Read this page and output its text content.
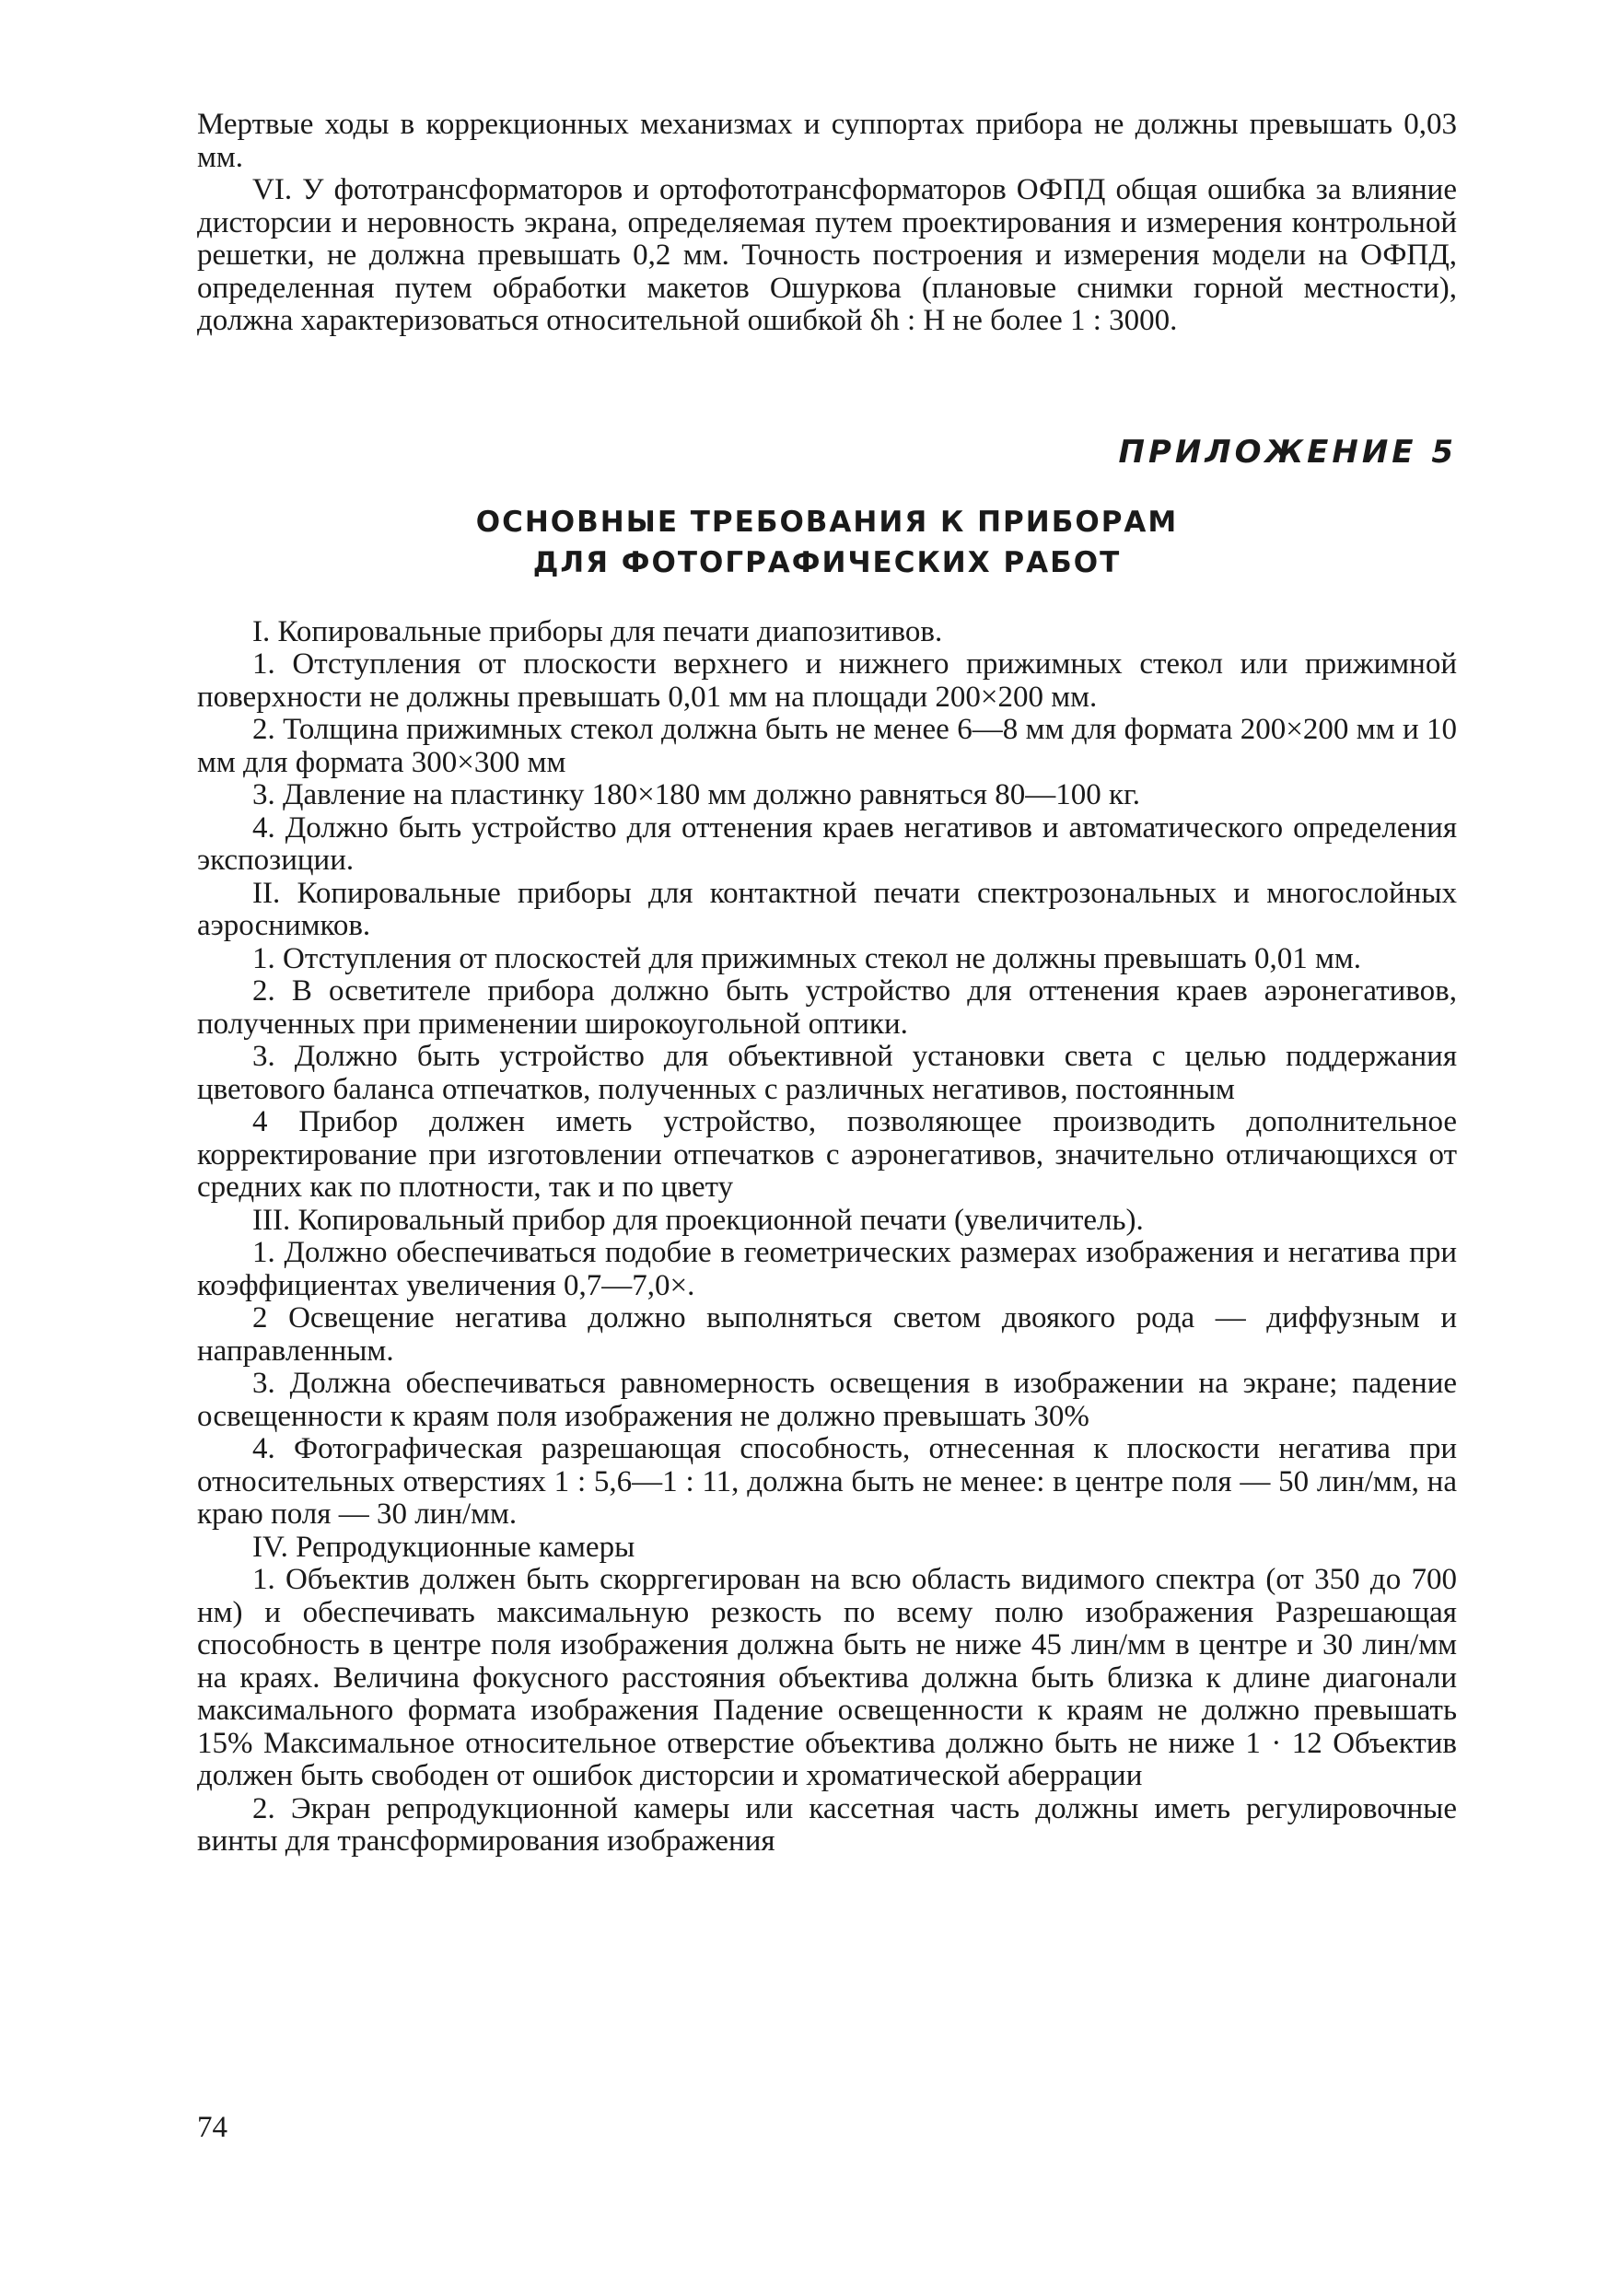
Мертвые ходы в коррекционных механизмах и суппортах прибора не должны превышать 0,03 мм.

VI. У фототрансформаторов и ортофототрансформаторов ОФПД общая ошибка за влияние дисторсии и неровность экрана, определяемая путем проектирования и измерения контрольной решетки, не должна превышать 0,2 мм. Точность построения и измерения модели на ОФПД, определенная путем обработки макетов Ошуркова (плановые снимки горной местности), должна характеризоваться относительной ошибкой δh : H не более 1 : 3000.

ПРИЛОЖЕНИЕ 5
ОСНОВНЫЕ ТРЕБОВАНИЯ К ПРИБОРАМ
ДЛЯ ФОТОГРАФИЧЕСКИХ РАБОТ

I. Копировальные приборы для печати диапозитивов.

1. Отступления от плоскости верхнего и нижнего прижимных стекол или прижимной поверхности не должны превышать 0,01 мм на площади 200×200 мм.

2. Толщина прижимных стекол должна быть не менее 6—8 мм для формата 200×200 мм и 10 мм для формата 300×300 мм

3. Давление на пластинку 180×180 мм должно равняться 80—100 кг.

4. Должно быть устройство для оттенения краев негативов и автоматического определения экспозиции.

II. Копировальные приборы для контактной печати спектрозональных и многослойных аэроснимков.

1. Отступления от плоскостей для прижимных стекол не должны превышать 0,01 мм.

2. В осветителе прибора должно быть устройство для оттенения краев аэронегативов, полученных при применении широкоугольной оптики.

3. Должно быть устройство для объективной установки света с целью поддержания цветового баланса отпечатков, полученных с различных негативов, постоянным

4 Прибор должен иметь устройство, позволяющее производить дополнительное корректирование при изготовлении отпечатков с аэронегативов, значительно отличающихся от средних как по плотности, так и по цвету

III. Копировальный прибор для проекционной печати (увеличитель).

1. Должно обеспечиваться подобие в геометрических размерах изображения и негатива при коэффициентах увеличения 0,7—7,0×.

2 Освещение негатива должно выполняться светом двоякого рода — диффузным и направленным.

3. Должна обеспечиваться равномерность освещения в изображении на экране; падение освещенности к краям поля изображения не должно превышать 30%

4. Фотографическая разрешающая способность, отнесенная к плоскости негатива при относительных отверстиях 1 : 5,6—1 : 11, должна быть не менее: в центре поля — 50 лин/мм, на краю поля — 30 лин/мм.

IV. Репродукционные камеры

1. Объектив должен быть скорргегирован на всю область видимого спектра (от 350 до 700 нм) и обеспечивать максимальную резкость по всему полю изображения Разрешающая способность в центре поля изображения должна быть не ниже 45 лин/мм в центре и 30 лин/мм на краях. Величина фокусного расстояния объектива должна быть близка к длине диагонали максимального формата изображения Падение освещенности к краям не должно превышать 15% Максимальное относительное отверстие объектива должно быть не ниже 1 · 12 Объектив должен быть свободен от ошибок дисторсии и хроматической аберрации

2. Экран репродукционной камеры или кассетная часть должны иметь регулировочные винты для трансформирования изображения

74
